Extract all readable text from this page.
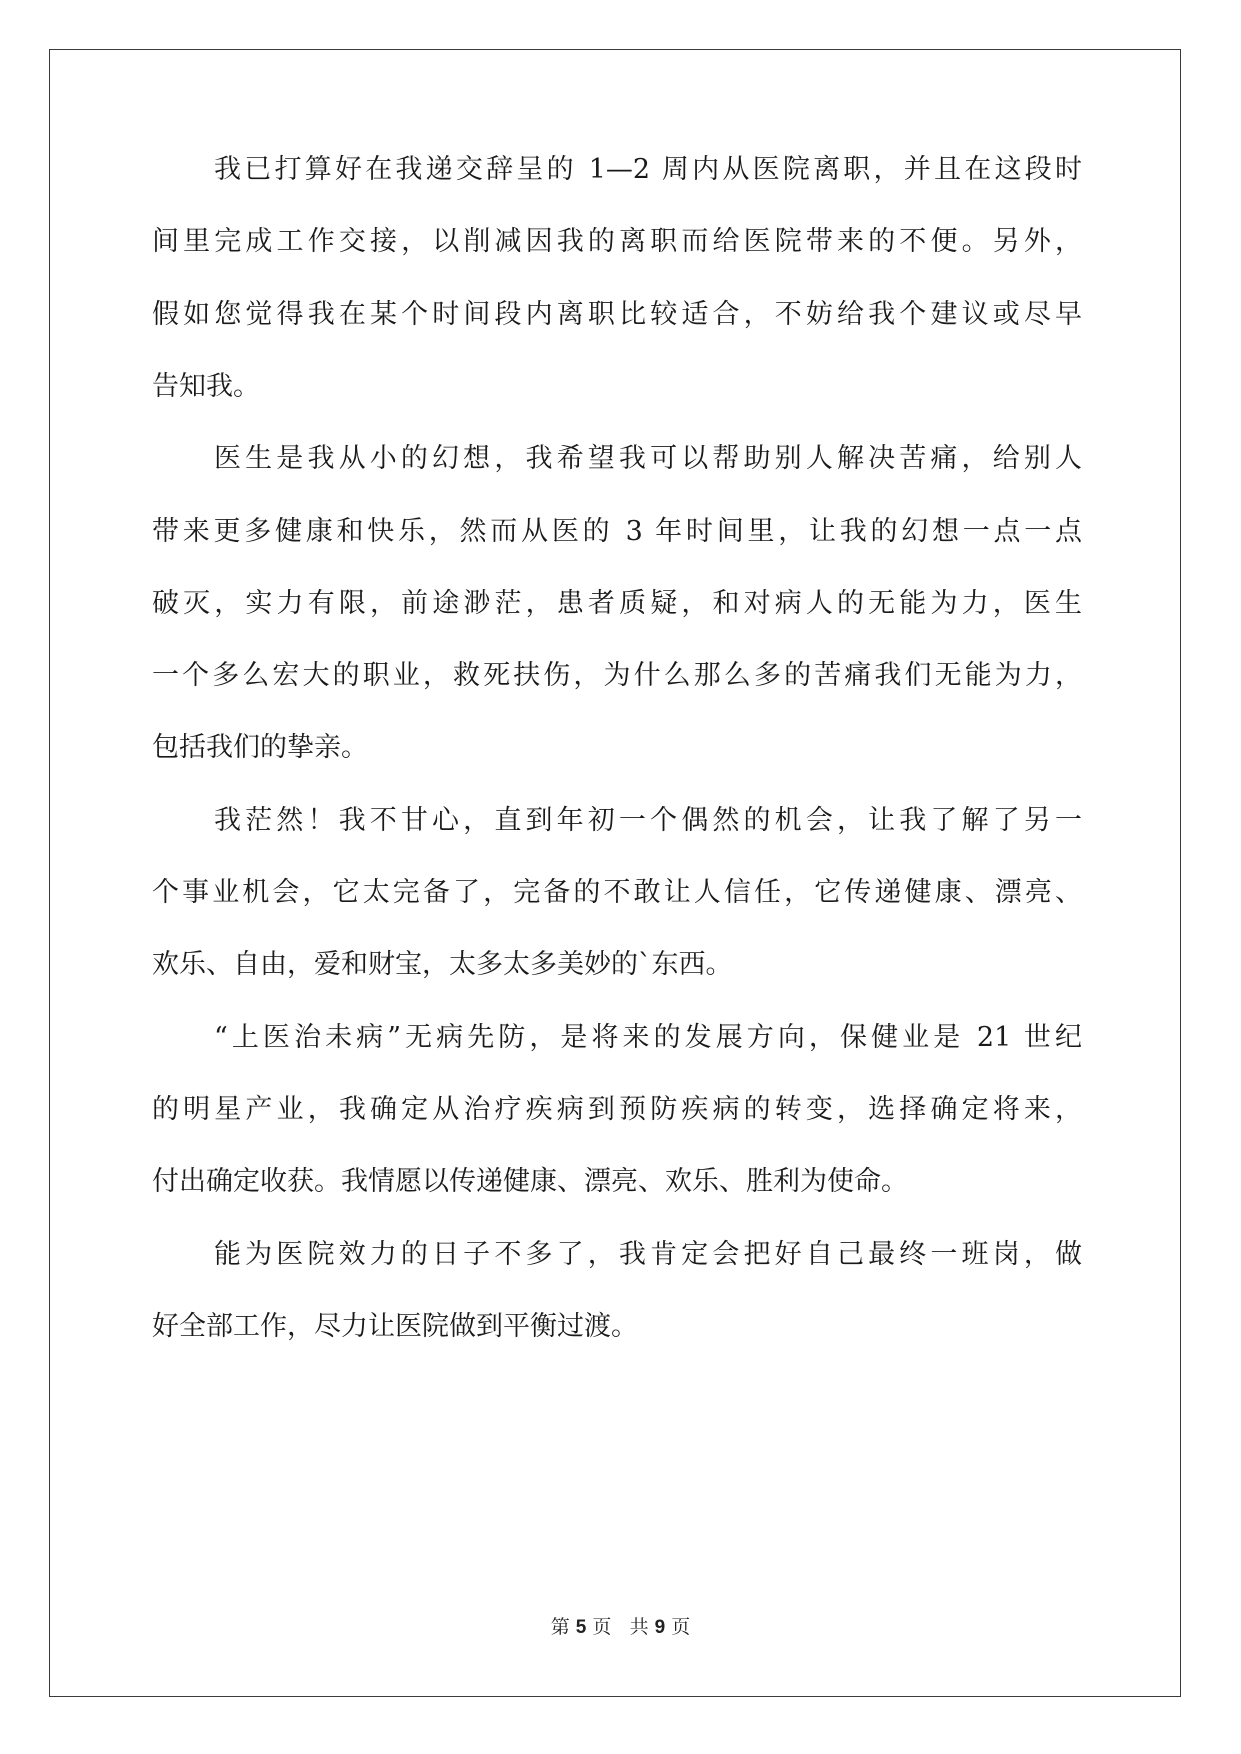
我已打算好在我递交辞呈的 1—2 周内从医院离职，并且在这段时
间里完成工作交接，以削减因我的离职而给医院带来的不便。另外，
假如您觉得我在某个时间段内离职比较适合，不妨给我个建议或尽早
告知我。
医生是我从小的幻想，我希望我可以帮助别人解决苦痛，给别人
带来更多健康和快乐，然而从医的 3 年时间里，让我的幻想一点一点
破灭，实力有限，前途渺茫，患者质疑，和对病人的无能为力，医生
一个多么宏大的职业，救死扶伤，为什么那么多的苦痛我们无能为力，
包括我们的挚亲。
我茫然！我不甘心，直到年初一个偶然的机会，让我了解了另一
个事业机会，它太完备了，完备的不敢让人信任，它传递健康、漂亮、
欢乐、自由，爱和财宝，太多太多美妙的`东西。
“上医治未病”无病先防，是将来的发展方向，保健业是 21 世纪
的明星产业，我确定从治疗疾病到预防疾病的转变，选择确定将来，
付出确定收获。我情愿以传递健康、漂亮、欢乐、胜利为使命。
能为医院效力的日子不多了，我肯定会把好自己最终一班岗，做
好全部工作，尽力让医院做到平衡过渡。
第 5 页 共 9 页
